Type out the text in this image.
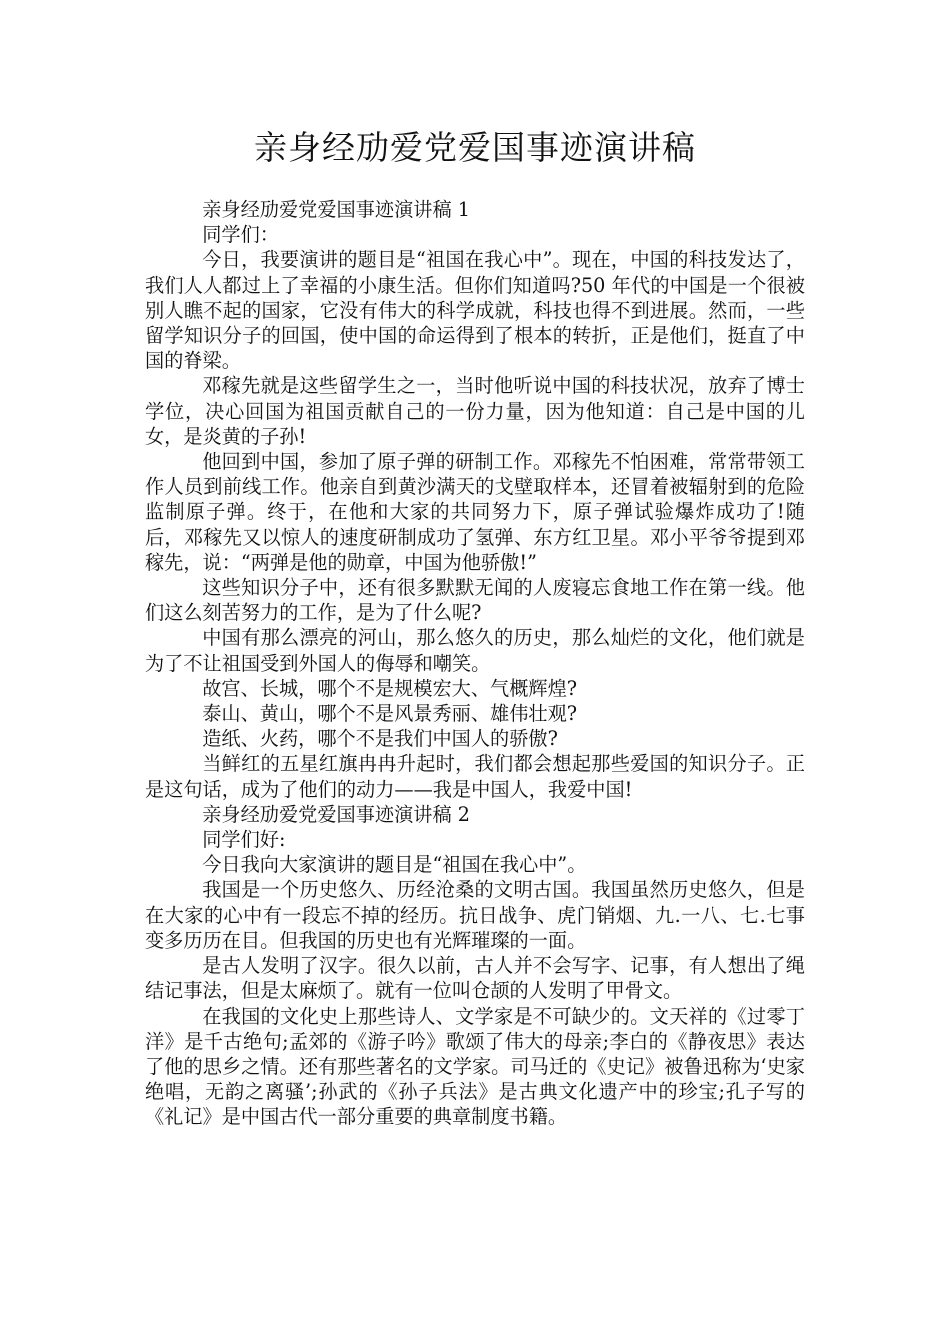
亲身经劢爱党爱国事迹演讲稿

亲身经劢爱党爱国事迹演讲稿 1

同学们：

今日，我要演讲的题目是“祖国在我心中”。现在，中国的科技发达了，我们人人都过上了幸福的小康生活。但你们知道吗?50 年代的中国是一个很被别人瞧不起的国家，它没有伟大的科学成就，科技也得不到进展。然而，一些留学知识分子的回国，使中国的命运得到了根本的转折，正是他们，挺直了中国的脊梁。

邓稼先就是这些留学生之一，当时他听说中国的科技状况，放弃了博士学位，决心回国为祖国贡献自己的一份力量，因为他知道：自己是中国的儿女，是炎黄的子孙!

他回到中国，参加了原子弹的研制工作。邓稼先不怕困难，常常带领工作人员到前线工作。他亲自到黄沙满天的戈壁取样本，还冒着被辐射到的危险监制原子弹。终于，在他和大家的共同努力下，原子弹试验爆炸成功了!随后，邓稼先又以惊人的速度研制成功了氢弹、东方红卫星。邓小平爷爷提到邓稼先，说：“两弹是他的勋章，中国为他骄傲!”

这些知识分子中，还有很多默默无闻的人废寝忘食地工作在第一线。他们这么刻苦努力的工作，是为了什么呢?

中国有那么漂亮的河山，那么悠久的历史，那么灿烂的文化，他们就是为了不让祖国受到外国人的侮辱和嘲笑。

故宫、长城，哪个不是规模宏大、气概辉煌?

泰山、黄山，哪个不是风景秀丽、雄伟壮观?

造纸、火药，哪个不是我们中国人的骄傲?

当鲜红的五星红旗冉冉升起时，我们都会想起那些爱国的知识分子。正是这句话，成为了他们的动力——我是中国人，我爱中国!

亲身经劢爱党爱国事迹演讲稿 2

同学们好:

今日我向大家演讲的题目是“祖国在我心中”。

我国是一个历史悠久、历经沧桑的文明古国。我国虽然历史悠久，但是在大家的心中有一段忘不掉的经历。抗日战争、虎门销烟、九.一八、七.七事变多历历在目。但我国的历史也有光辉璀璨的一面。

是古人发明了汉字。很久以前，古人并不会写字、记事，有人想出了绳结记事法，但是太麻烦了。就有一位叫仓颉的人发明了甲骨文。

在我国的文化史上那些诗人、文学家是不可缺少的。文天祥的《过零丁洋》是千古绝句;孟郊的《游子吟》歌颂了伟大的母亲;李白的《静夜思》表达了他的思乡之情。还有那些著名的文学家。司马迁的《史记》被鲁迅称为‘史家绝唱，无韵之离骚’;孙武的《孙子兵法》是古典文化遗产中的珍宝;孔子写的《礼记》是中国古代一部分重要的典章制度书籍。
